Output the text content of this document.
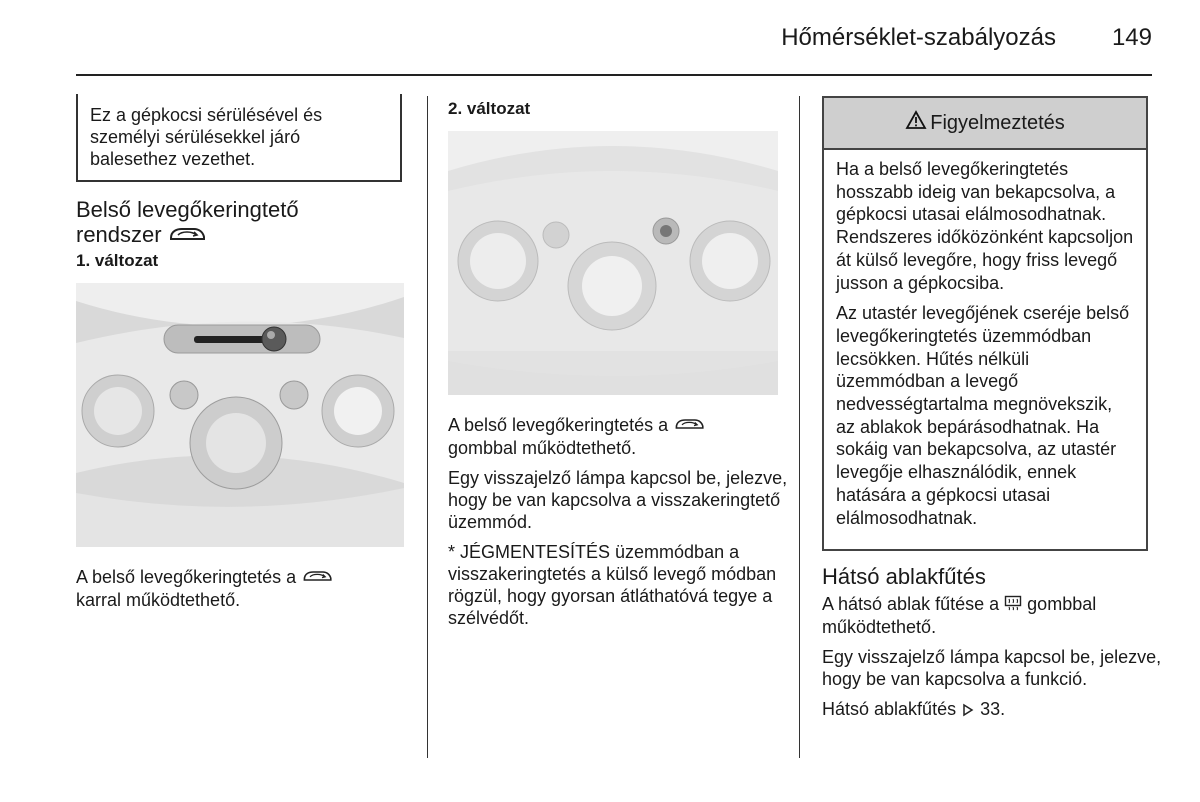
Hőmérséklet-szabályozás	149
Ez a gépkocsi sérülésével és személyi sérülésekkel járó balesethez vezethet.
Belső levegőkeringtető
rendszer
1. változat
A belső levegőkeringtetés a
karral működtethető.
2. változat

A belső levegőkeringtetés a
gombbal működtethető.

Egy visszajelző lámpa kapcsol be, jelezve, hogy be van kapcsolva a visszakeringtető üzemmód.

* JÉGMENTESÍTÉS üzemmódban a visszakeringtetés a külső levegő módban rögzül, hogy gyorsan átláthatóvá tegye a szélvédőt.

Figyelmeztetés

Ha a belső levegőkeringtetés hosszabb ideig van bekapcsolva, a gépkocsi utasai elálmosodhatnak. Rendszeres időközönként kapcsoljon át külső levegőre, hogy friss levegő jusson a gépkocsiba.

Az utastér levegőjének cseréje belső levegőkeringtetés üzemmódban lecsökken. Hűtés nélküli üzemmódban a levegő nedvességtartalma megnövekszik, az ablakok bepárásodhatnak. Ha sokáig van bekapcsolva, az utastér levegője elhasználódik, ennek hatására a gépkocsi utasai elálmosodhatnak.

Hátsó ablakfűtés

A hátsó ablak fűtése a gombbal
működtethető.

Egy visszajelző lámpa kapcsol be, jelezve, hogy be van kapcsolva a funkció.

Hátsó ablakfűtés 33.
